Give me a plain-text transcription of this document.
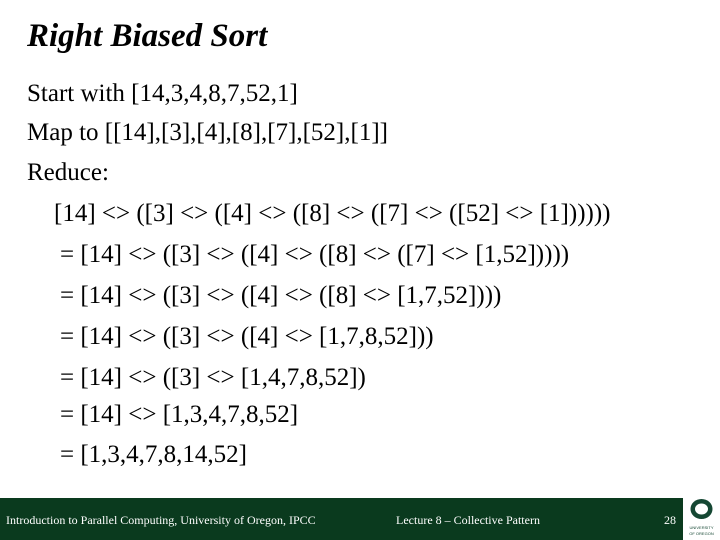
Right Biased Sort
Start with [14,3,4,8,7,52,1]
Map to [[14],[3],[4],[8],[7],[52],[1]]
Reduce:
[14] <> ([3] <> ([4] <> ([8] <> ([7] <> ([52] <> [1])))))
= [14] <> ([3] <> ([4] <> ([8] <> ([7] <> [1,52]))))
= [14] <> ([3] <> ([4] <> ([8] <> [1,7,52])))
= [14] <> ([3] <> ([4] <> [1,7,8,52]))
= [14] <> ([3] <> [1,4,7,8,52])
= [14] <> [1,3,4,7,8,52]
= [1,3,4,7,8,14,52]
Introduction to Parallel Computing, University of Oregon, IPCC	Lecture 8 – Collective Pattern	28
UNIVERSITY
OF OREGON
